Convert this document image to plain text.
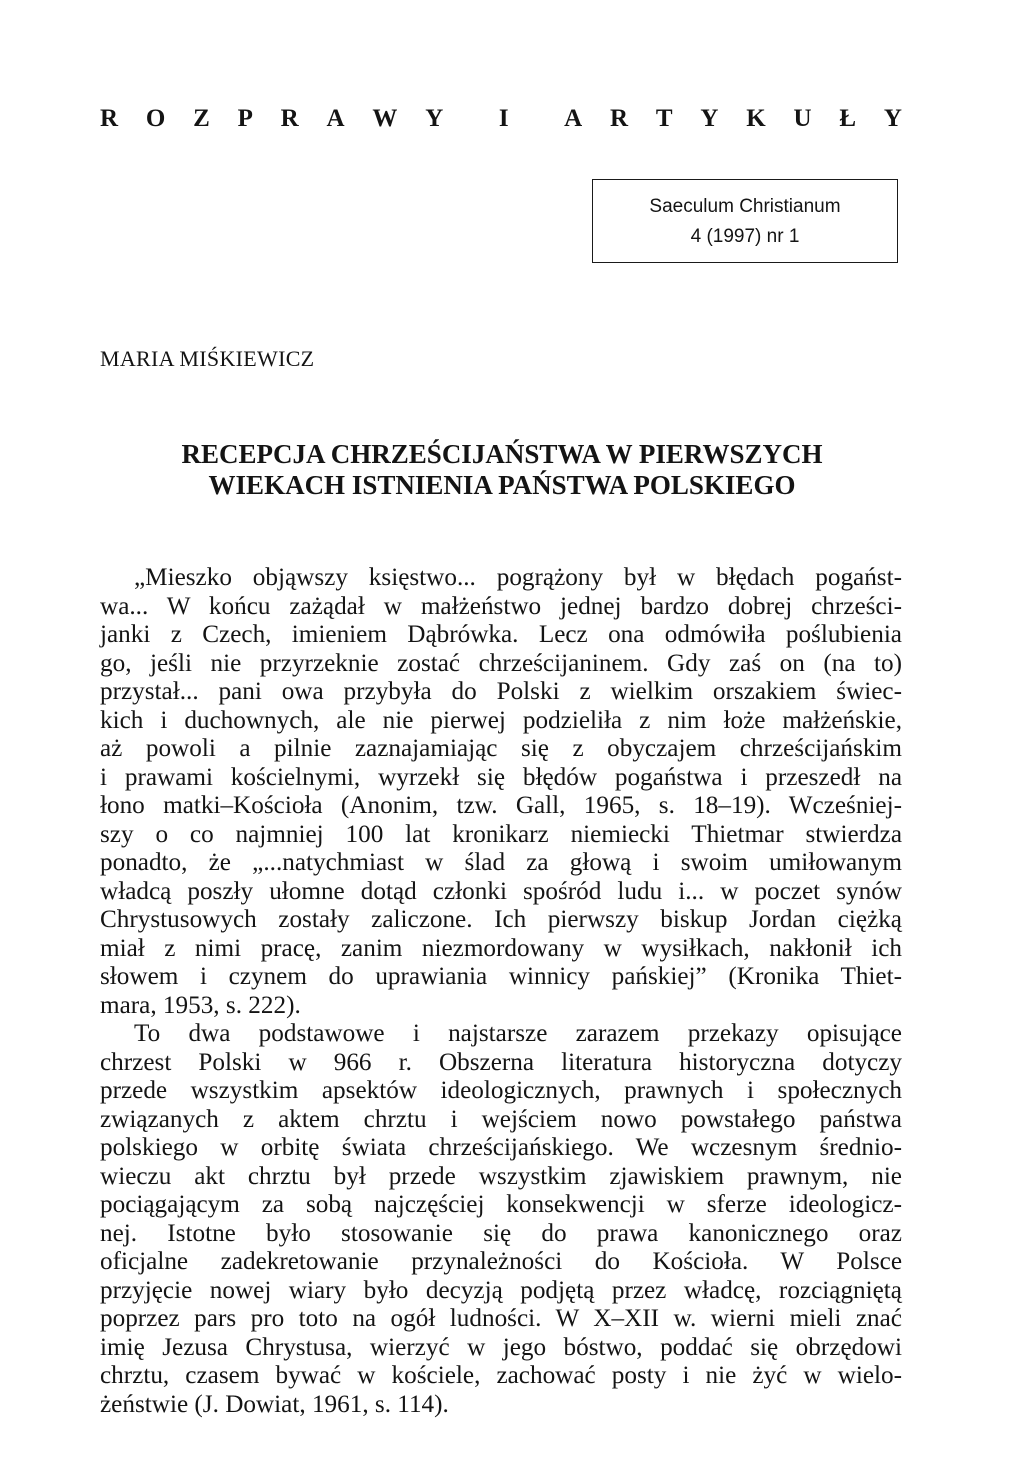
R O Z P R A W Y I A R T Y K U Ł Y
Saeculum Christianum
4 (1997) nr 1
MARIA MIŚKIEWICZ
RECEPCJA CHRZEŚCIJAŃSTWA W PIERWSZYCH
WIEKACH ISTNIENIA PAŃSTWA POLSKIEGO
„Mieszko objąwszy księstwo... pogrążony był w błędach pogańst-
wa... W końcu zażądał w małżeństwo jednej bardzo dobrej chrześci-
janki z Czech, imieniem Dąbrówka. Lecz ona odmówiła poślubienia
go, jeśli nie przyrzeknie zostać chrześcijaninem. Gdy zaś on (na to)
przystał... pani owa przybyła do Polski z wielkim orszakiem świec-
kich i duchownych, ale nie pierwej podzieliła z nim łoże małżeńskie,
aż powoli a pilnie zaznajamiając się z obyczajem chrześcijańskim
i prawami kościelnymi, wyrzekł się błędów pogaństwa i przeszedł na
łono matki–Kościoła (Anonim, tzw. Gall, 1965, s. 18–19). Wcześniej-
szy o co najmniej 100 lat kronikarz niemiecki Thietmar stwierdza
ponadto, że „...natychmiast w ślad za głową i swoim umiłowanym
władcą poszły ułomne dotąd członki spośród ludu i... w poczet synów
Chrystusowych zostały zaliczone. Ich pierwszy biskup Jordan ciężką
miał z nimi pracę, zanim niezmordowany w wysiłkach, nakłonił ich
słowem i czynem do uprawiania winnicy pańskiej” (Kronika Thiet-
mara, 1953, s. 222).
To dwa podstawowe i najstarsze zarazem przekazy opisujące
chrzest Polski w 966 r. Obszerna literatura historyczna dotyczy
przede wszystkim apsektów ideologicznych, prawnych i społecznych
związanych z aktem chrztu i wejściem nowo powstałego państwa
polskiego w orbitę świata chrześcijańskiego. We wczesnym średnio-
wieczu akt chrztu był przede wszystkim zjawiskiem prawnym, nie
pociągającym za sobą najczęściej konsekwencji w sferze ideologicz-
nej. Istotne było stosowanie się do prawa kanonicznego oraz
oficjalne zadekretowanie przynależności do Kościoła. W Polsce
przyjęcie nowej wiary było decyzją podjętą przez władcę, rozciągniętą
poprzez pars pro toto na ogół ludności. W X–XII w. wierni mieli znać
imię Jezusa Chrystusa, wierzyć w jego bóstwo, poddać się obrzędowi
chrztu, czasem bywać w kościele, zachować posty i nie żyć w wielo-
żeństwie (J. Dowiat, 1961, s. 114).
